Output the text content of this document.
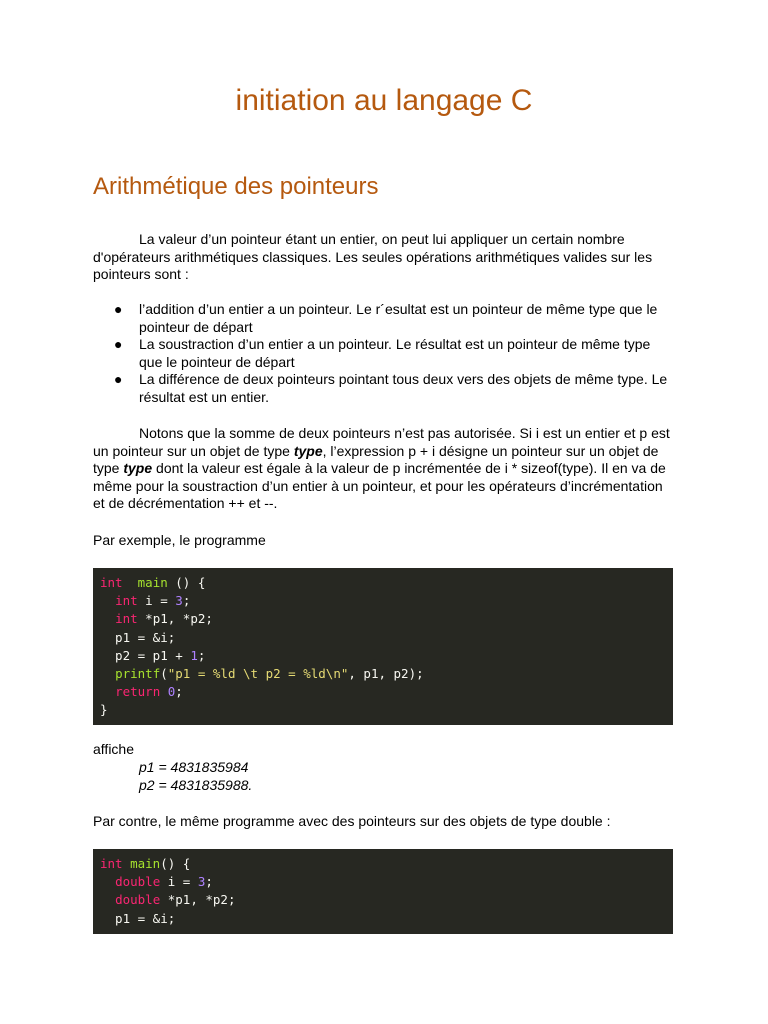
initiation au langage C
Arithmétique des pointeurs

La valeur d’un pointeur étant un entier, on peut lui appliquer un certain nombre d'opérateurs arithmétiques classiques. Les seules opérations arithmétiques valides sur les pointeurs sont :

● l’addition d’un entier a un pointeur. Le r´esultat est un pointeur de même type que le pointeur de départ
● La soustraction d’un entier a un pointeur. Le résultat est un pointeur de même type que le pointeur de départ
● La différence de deux pointeurs pointant tous deux vers des objets de même type. Le résultat est un entier.

Notons que la somme de deux pointeurs n’est pas autorisée. Si i est un entier et p est un pointeur sur un objet de type type, l’expression p + i désigne un pointeur sur un objet de type type dont la valeur est égale à la valeur de p incrémentée de i * sizeof(type). Il en va de même pour la soustraction d’un entier à un pointeur, et pour les opérateurs d’incrémentation et de décrémentation ++ et --.

Par exemple, le programme

int main () {
int i = 3;
int *p1, *p2;
p1 = &i;
p2 = p1 + 1;
printf("p1 = %ld \t p2 = %ld\n", p1, p2);
return 0;
}

affiche

p1 = 4831835984

p2 = 4831835988.

Par contre, le même programme avec des pointeurs sur des objets de type double :

int main() {
double i = 3;
double *p1, *p2;
p1 = &i;
